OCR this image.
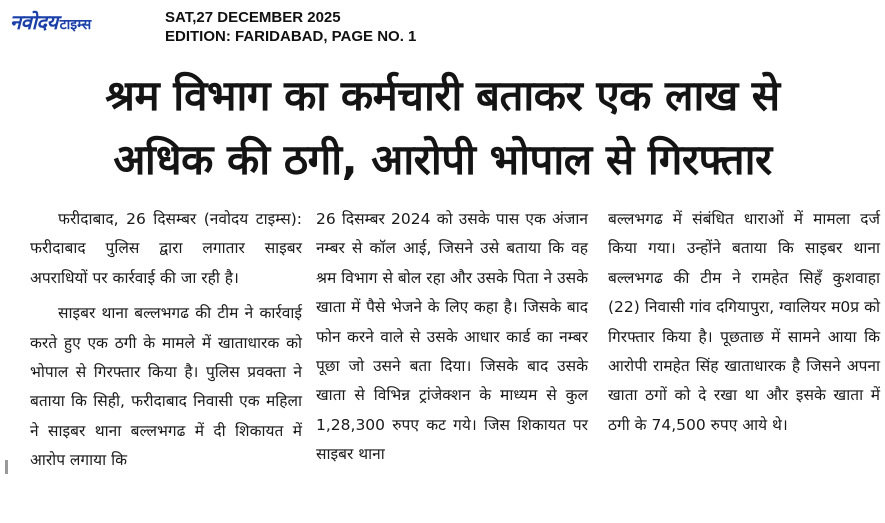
नवोदय टाइम्स	SAT,27 DECEMBER 2025
EDITION: FARIDABAD, PAGE NO. 1
श्रम विभाग का कर्मचारी बताकर एक लाख से
अधिक की ठगी, आरोपी भोपाल से गिरफ्तार

फरीदाबाद, 26 दिसम्बर (नवोदय टाइम्स): फरीदाबाद पुलिस द्वारा लगातार साइबर अपराधियों पर कार्रवाई की जा रही है।

साइबर थाना बल्लभगढ की टीम ने कार्रवाई करते हुए एक ठगी के मामले में खाताधारक को भोपाल से गिरफ्तार किया है। पुलिस प्रवक्ता ने बताया कि सिही, फरीदाबाद निवासी एक महिला ने साइबर थाना बल्लभगढ में दी शिकायत में आरोप लगाया कि

26 दिसम्बर 2024 को उसके पास एक अंजान नम्बर से कॉल आई, जिसने उसे बताया कि वह श्रम विभाग से बोल रहा और उसके पिता ने उसके खाता में पैसे भेजने के लिए कहा है। जिसके बाद फोन करने वाले से उसके आधार कार्ड का नम्बर पूछा जो उसने बता दिया। जिसके बाद उसके खाता से विभिन्न ट्रांजेक्शन के माध्यम से कुल 1,28,300 रुपए कट गये। जिस शिकायत पर साइबर थाना

बल्लभगढ में संबंधित धाराओं में मामला दर्ज किया गया। उन्होंने बताया कि साइबर थाना बल्लभगढ की टीम ने रामहेत सिहँ कुशवाहा (22) निवासी गांव दगियापुरा, ग्वालियर म0प्र को गिरफ्तार किया है। पूछताछ में सामने आया कि आरोपी रामहेत सिंह खाताधारक है जिसने अपना खाता ठगों को दे रखा था और इसके खाता में ठगी के 74,500 रुपए आये थे।
